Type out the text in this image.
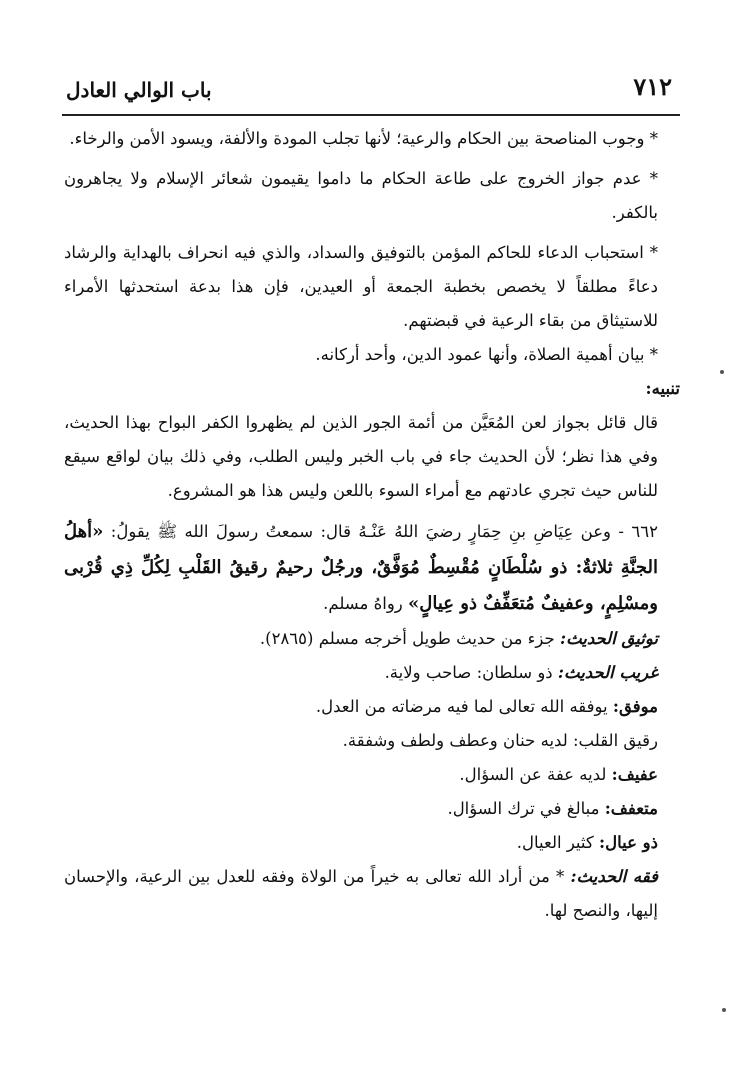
٧١٢
باب الوالي العادل

* وجوب المناصحة بين الحكام والرعية؛ لأنها تجلب المودة والألفة، ويسود الأمن والرخاء.

* عدم جواز الخروج على طاعة الحكام ما داموا يقيمون شعائر الإسلام ولا يجاهرون بالكفر.

* استحباب الدعاء للحاكم المؤمن بالتوفيق والسداد، والذي فيه انحراف بالهداية والرشاد دعاءً مطلقاً لا يخصص بخطبة الجمعة أو العيدين، فإن هذا بدعة استحدثها الأمراء للاستيثاق من بقاء الرعية في قبضتهم.

* بيان أهمية الصلاة، وأنها عمود الدين، وأحد أركانه.

تنبيه:

قال قائل بجواز لعن المُعَيَّن من أئمة الجور الذين لم يظهروا الكفر البواح بهذا الحديث، وفي هذا نظر؛ لأن الحديث جاء في باب الخبر وليس الطلب، وفي ذلك بيان لواقع سيقع للناس حيث تجري عادتهم مع أمراء السوء باللعن وليس هذا هو المشروع.

٦٦٢ - وعن عِيَاضِ بنِ حِمَارٍ رضيَ اللهُ عَنْـهُ قال: سمعتُ رسولَ الله ﷺ يقولُ: «أهلُ الجنَّةِ ثلاثةٌ: ذو سُلْطَانٍ مُقْسِطٌ مُوَفَّقٌ، ورجُلٌ رحيمٌ رقيقُ القَلْبِ لِكُلِّ ذِي قُرْبى ومسْلِمٍ، وعفيفٌ مُتعَفِّفٌ ذو عِيالٍ» رواهُ مسلم.

توثيق الحديث: جزء من حديث طويل أخرجه مسلم (٢٨٦٥).

غريب الحديث: ذو سلطان: صاحب ولاية.

موفق: يوفقه الله تعالى لما فيه مرضاته من العدل.

رقيق القلب: لديه حنان وعطف ولطف وشفقة.

عفيف: لديه عفة عن السؤال.

متعفف: مبالغ في ترك السؤال.

ذو عيال: كثير العيال.

فقه الحديث: * من أراد الله تعالى به خيراً من الولاة وفقه للعدل بين الرعية، والإحسان إليها، والنصح لها.
